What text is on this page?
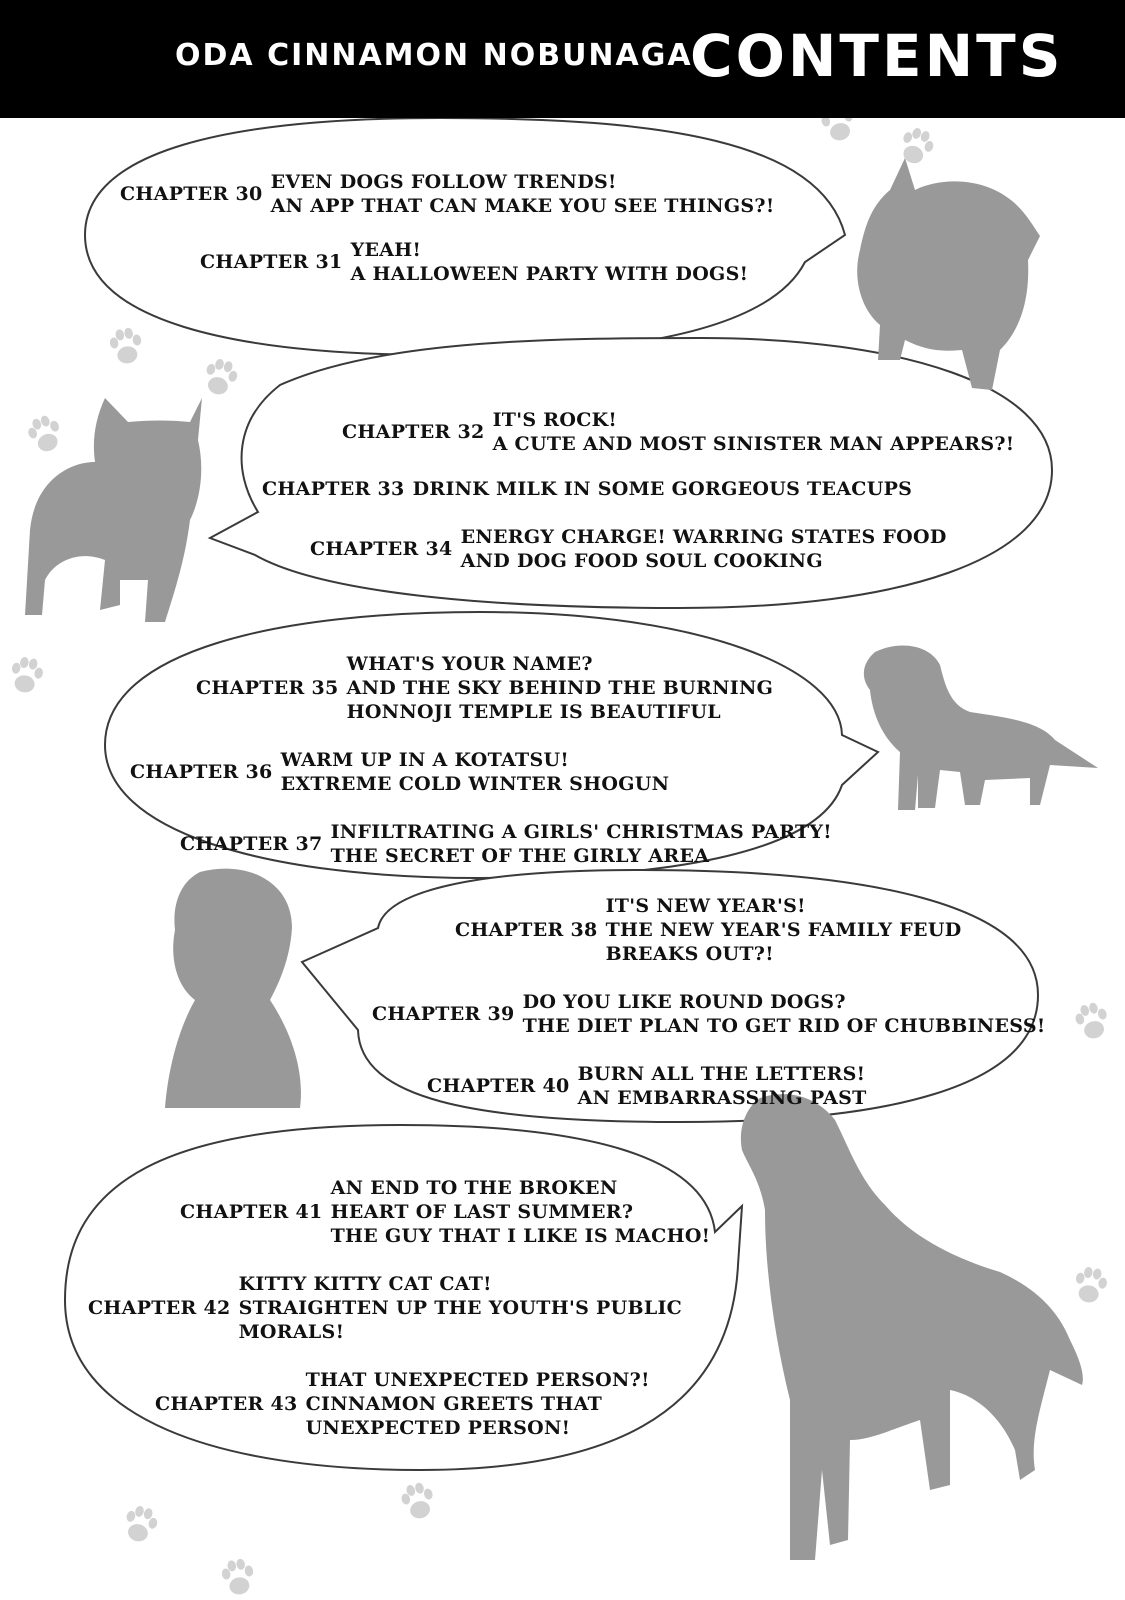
ODA CINNAMON NOBUNAGA
CONTENTS
CHAPTER 30
EVEN DOGS FOLLOW TRENDS!
AN APP THAT CAN MAKE YOU SEE THINGS?!
CHAPTER 31
YEAH!
A HALLOWEEN PARTY WITH DOGS!
CHAPTER 32
IT'S ROCK!
A CUTE AND MOST SINISTER MAN APPEARS?!
CHAPTER 33 DRINK MILK IN SOME GORGEOUS TEACUPS
CHAPTER 34
ENERGY CHARGE! WARRING STATES FOOD
AND DOG FOOD SOUL COOKING
CHAPTER 35
WHAT'S YOUR NAME?
AND THE SKY BEHIND THE BURNING
HONNOJI TEMPLE IS BEAUTIFUL
CHAPTER 36
WARM UP IN A KOTATSU!
EXTREME COLD WINTER SHOGUN
CHAPTER 37
INFILTRATING A GIRLS' CHRISTMAS PARTY!
THE SECRET OF THE GIRLY AREA
CHAPTER 38
IT'S NEW YEAR'S!
THE NEW YEAR'S FAMILY FEUD
BREAKS OUT?!
CHAPTER 39
DO YOU LIKE ROUND DOGS?
THE DIET PLAN TO GET RID OF CHUBBINESS!
CHAPTER 40
BURN ALL THE LETTERS!
AN EMBARRASSING PAST
CHAPTER 41
AN END TO THE BROKEN
HEART OF LAST SUMMER?
THE GUY THAT I LIKE IS MACHO!
CHAPTER 42
KITTY KITTY CAT CAT!
STRAIGHTEN UP THE YOUTH'S PUBLIC
MORALS!
CHAPTER 43
THAT UNEXPECTED PERSON?!
CINNAMON GREETS THAT
UNEXPECTED PERSON!
